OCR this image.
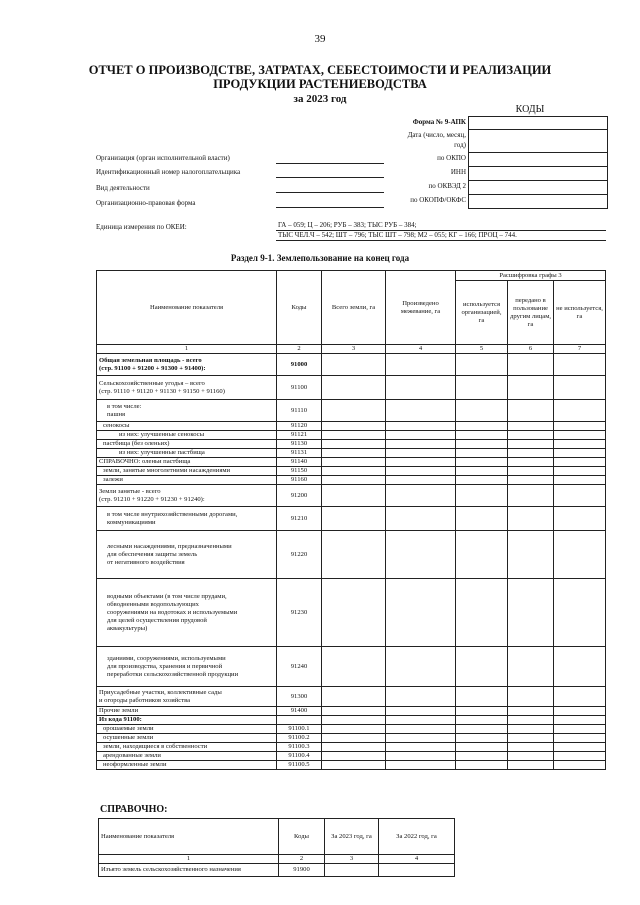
39
ОТЧЕТ О ПРОИЗВОДСТВЕ, ЗАТРАТАХ, СЕБЕСТОИМОСТИ И РЕАЛИЗАЦИИ
ПРОДУКЦИИ РАСТЕНИЕВОДСТВА
за 2023 год
КОДЫ

Форма № 9-АПК
Дата (число, месяц,
год)
Организация (орган исполнительной власти)	по ОКПО
Идентификационный номер налогоплательщика	ИНН
Вид деятельности	по ОКВЭД 2
Организационно-правовая форма	по ОКОПФ/ОКФС
Единица измерения по ОКЕИ:	ГА – 059; Ц – 206; РУБ – 383; ТЫС РУБ – 384;
ТЫС ЧЕЛ.Ч – 542; ШТ – 796; ТЫС ШТ – 798; М2 – 055; КГ – 166; ПРОЦ – 744.
Раздел 9-1. Землепользование на конец года
Наименование показателя	Коды	Всего земли, га	Произведено межевание, га	Расшифровка графы 3		
				используется организацией, га	передано в пользование другим лицам, га	не используется, га
1	2	3	4	5	6	7

Общая земельная площадь - всего
(стр. 91100 + 91200 + 91300 + 91400):	91000					

Сельскохозяйственные угодья – всего
(стр. 91110 + 91120 + 91130 + 91150 + 91160)	91100					

в том числе:
пашня	91110					

сенокосы	91120					

из них: улучшенные сенокосы	91121					

пастбища (без оленьих)	91130					

из них: улучшенные пастбища	91131					

СПРАВОЧНО: оленьи пастбища	91140					

земли, занятые многолетними насаждениями	91150					

залежи	91160					

Земли занятые - всего
(стр. 91210 + 91220 + 91230 + 91240):	91200					

в том числе внутрихозяйственными дорогами,
коммуникациями	91210					

лесными насаждениями, предназначенными
для обеспечения защиты земель
от негативного воздействия	91220					

водными объектами (в том числе прудами,
обводненными водопользующих
сооружениями на водотоках и используемыми
для целей осуществления прудовой
аквакультуры)	91230					

зданиями, сооружениями, используемыми
для производства, хранения и первичной
переработки сельскохозяйственной продукции	91240					

Приусадебные участки, коллективные сады
и огороды работников хозяйства	91300					

Прочие земли	91400					

Из кода 91100:						

орошаемые земли	91100.1					

осушенные земли	91100.2					

земли, находящиеся в собственности	91100.3					

арендованные земли	91100.4					

неоформленные земли	91100.5					
СПРАВОЧНО:
Наименование показателя	Коды	За 2023 год, га	За 2022 год, га
1	2	3	4
Изъято земель сельскохозяйственного назначения	91900		
